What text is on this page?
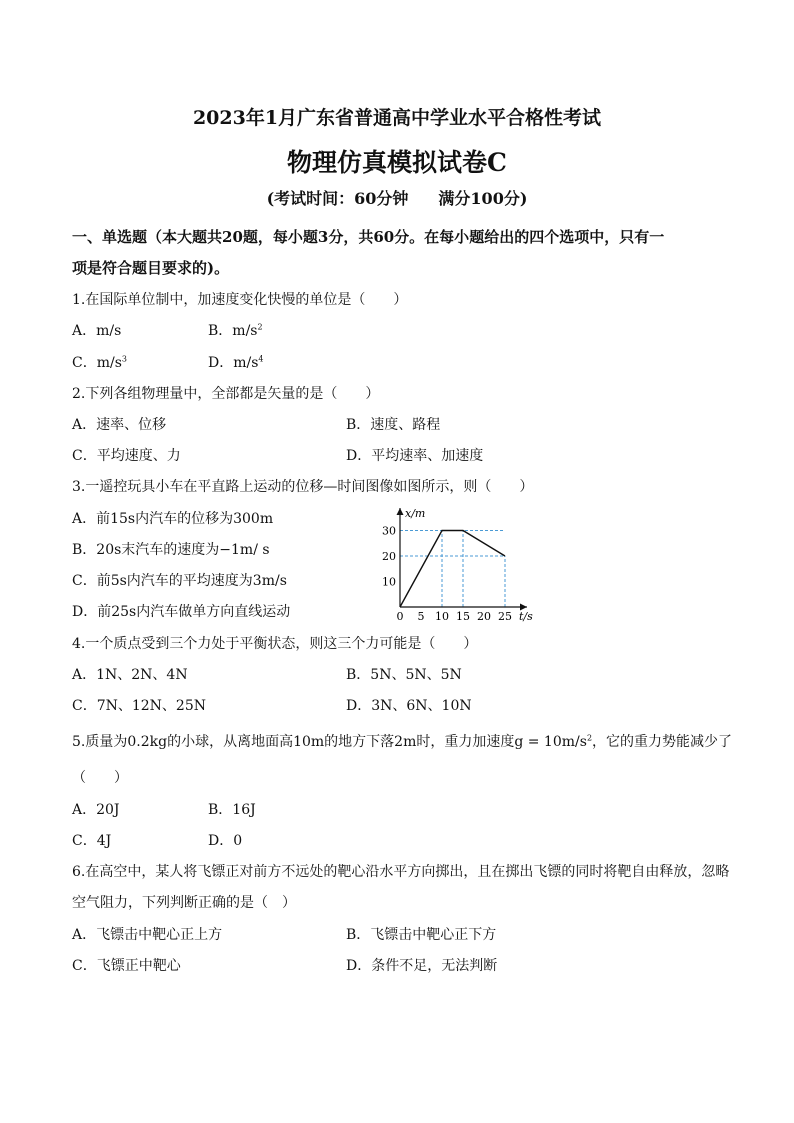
2023年1月广东省普通高中学业水平合格性考试
物理仿真模拟试卷C
(考试时间：60分钟 满分100分)
一、单选题（本大题共20题，每小题3分，共60分。在每小题给出的四个选项中，只有一
项是符合题目要求的)。
1.在国际单位制中，加速度变化快慢的单位是（　　）
A．m/s	B．$m/s^2$
C．$m/s^3$	D．$m/s^4$
2.下列各组物理量中，全部都是矢量的是（　　）
A．速率、位移	B．速度、路程
C．平均速度、力	D．平均速率、加速度
3.一遥控玩具小车在平直路上运动的位移—时间图像如图所示，则（　　）
A．前15s内汽车的位移为300m
B．20s末汽车的速度为−1m/ s
C．前5s内汽车的平均速度为3m/s
D．前25s内汽车做单方向直线运动
x/m
t/s
0 5 10 15 20 25
10
20
30
4.一个质点受到三个力处于平衡状态，则这三个力可能是（　　）
A．1N、2N、4N	B．5N、5N、5N
C．7N、12N、25N	D．3N、6N、10N
5.质量为0.2kg的小球，从离地面高10m的地方下落2m时，重力加速度$g = 10m/s^2$，它的重力势能减少了
（　　）
A．20J	B．16J
C．4J	D．0
6.在高空中，某人将飞镖正对前方不远处的靶心沿水平方向掷出，且在掷出飞镖的同时将靶自由释放，忽略
空气阻力，下列判断正确的是（　）
A．飞镖击中靶心正上方	B．飞镖击中靶心正下方
C．飞镖正中靶心	D．条件不足，无法判断
